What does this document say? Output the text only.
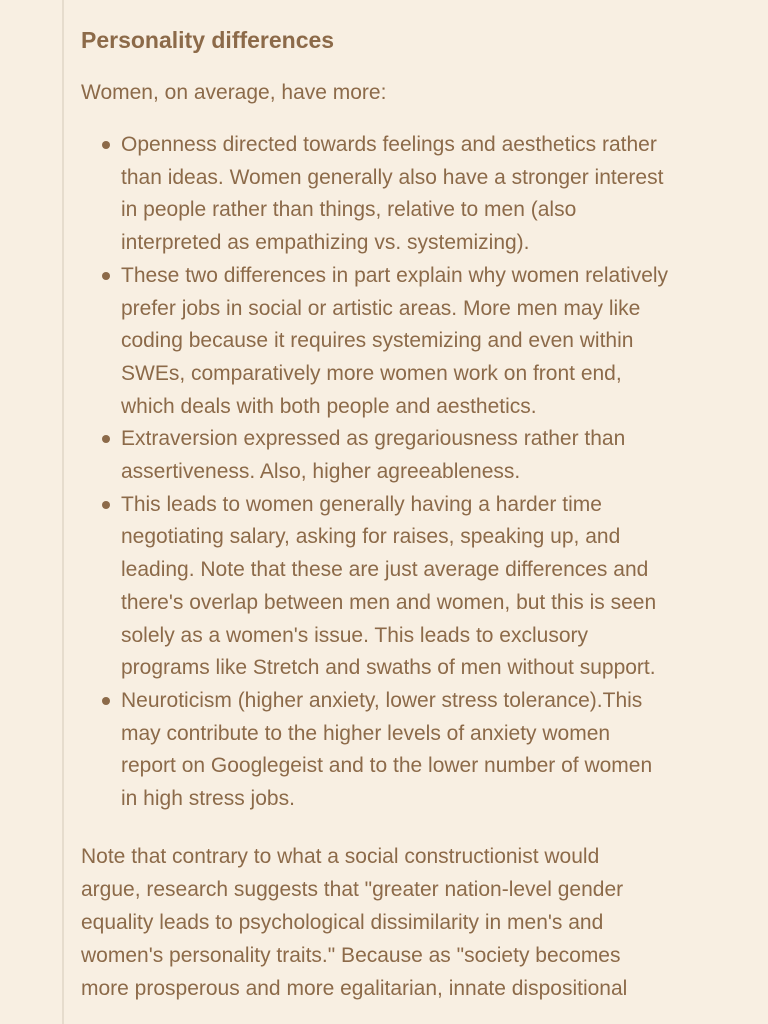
Personality differences

Women, on average, have more:

Openness directed towards feelings and aesthetics rather
than ideas. Women generally also have a stronger interest
in people rather than things, relative to men (also
interpreted as empathizing vs. systemizing).
These two differences in part explain why women relatively
prefer jobs in social or artistic areas. More men may like
coding because it requires systemizing and even within
SWEs, comparatively more women work on front end,
which deals with both people and aesthetics.
Extraversion expressed as gregariousness rather than
assertiveness. Also, higher agreeableness.
This leads to women generally having a harder time
negotiating salary, asking for raises, speaking up, and
leading. Note that these are just average differences and
there's overlap between men and women, but this is seen
solely as a women's issue. This leads to exclusory
programs like Stretch and swaths of men without support.
Neuroticism (higher anxiety, lower stress tolerance).This
may contribute to the higher levels of anxiety women
report on Googlegeist and to the lower number of women
in high stress jobs.
Note that contrary to what a social constructionist would
argue, research suggests that "greater nation-level gender
equality leads to psychological dissimilarity in men's and
women's personality traits." Because as "society becomes
more prosperous and more egalitarian, innate dispositional
